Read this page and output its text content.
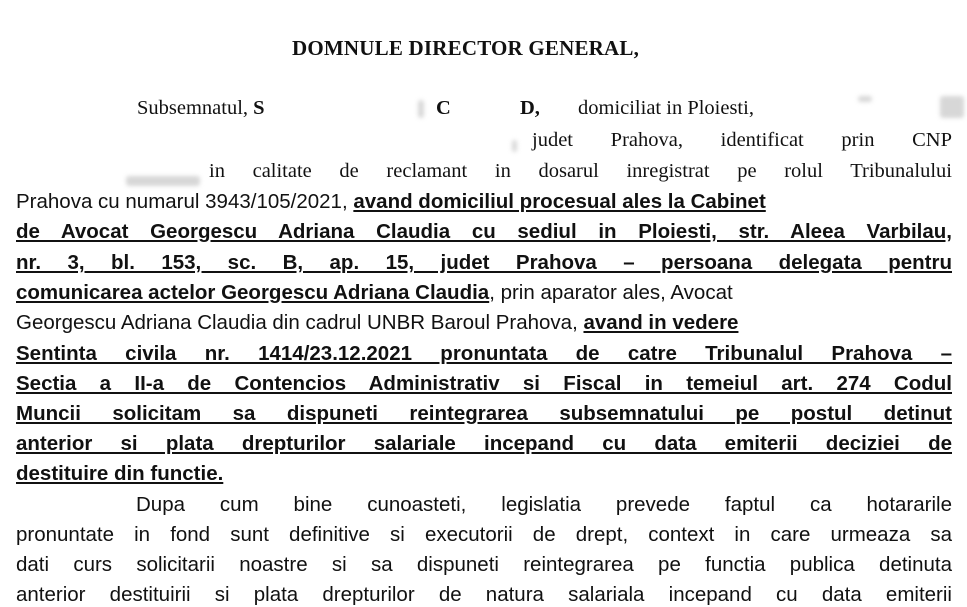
DOMNULE DIRECTOR GENERAL,
Subsemnatul, S	C	D, domiciliat in Ploiesti,
judet Prahova, identificat prin CNP
in calitate de reclamant in dosarul inregistrat pe rolul Tribunalului
Prahova cu numarul 3943/105/2021, avand domiciliul procesual ales la Cabinet
de Avocat Georgescu Adriana Claudia cu sediul in Ploiesti, str. Aleea Varbilau,
nr. 3, bl. 153, sc. B, ap. 15, judet Prahova – persoana delegata pentru
comunicarea actelor Georgescu Adriana Claudia, prin aparator ales, Avocat
Georgescu Adriana Claudia din cadrul UNBR Baroul Prahova, avand in vedere
Sentinta civila nr. 1414/23.12.2021 pronuntata de catre Tribunalul Prahova –
Sectia a II-a de Contencios Administrativ si Fiscal in temeiul art. 274 Codul
Muncii solicitam sa dispuneti reintegrarea subsemnatului pe postul detinut
anterior si plata drepturilor salariale incepand cu data emiterii deciziei de
destituire din functie.
Dupa cum bine cunoasteti, legislatia prevede faptul ca hotararile
pronuntate in fond sunt definitive si executorii de drept, context in care urmeaza sa
dati curs solicitarii noastre si sa dispuneti reintegrarea pe functia publica detinuta
anterior destituirii si plata drepturilor de natura salariala incepand cu data emiterii
